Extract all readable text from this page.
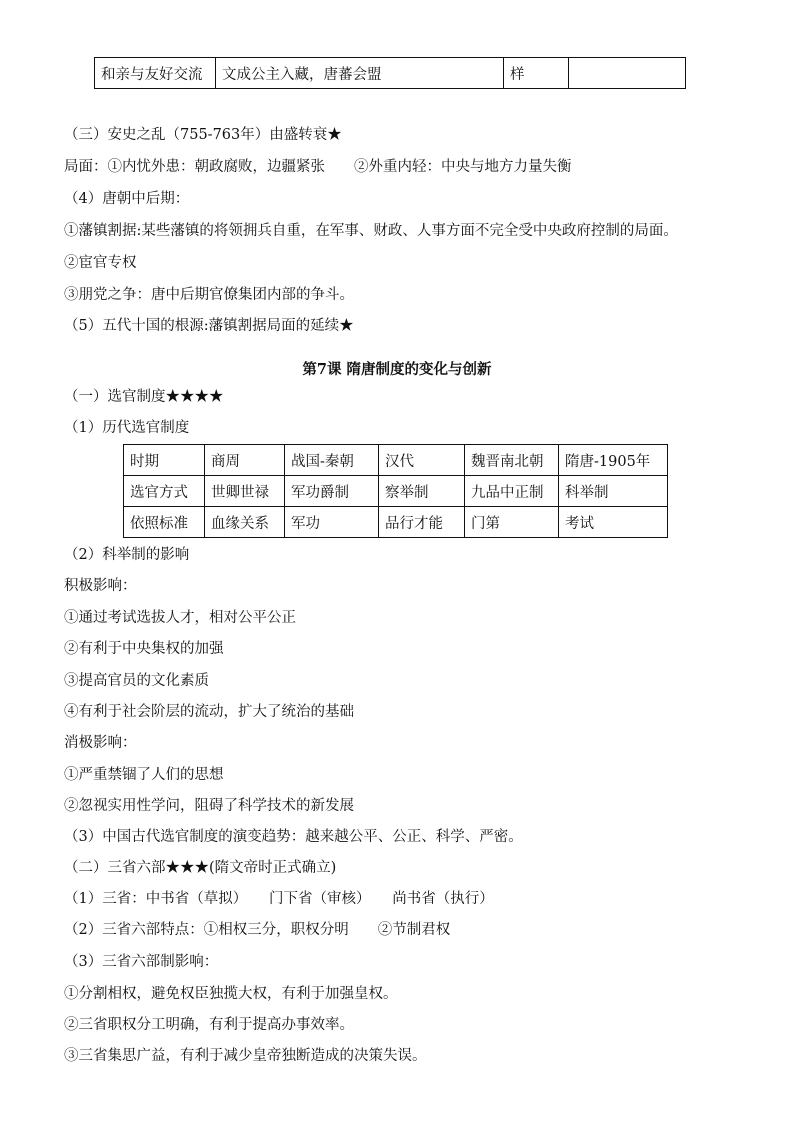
和亲与友好交流	文成公主入藏，唐蕃会盟	样	
（三）安史之乱（755-763年）由盛转衰★
局面：①内忧外患：朝政腐败，边疆紧张　　②外重内轻：中央与地方力量失衡
（4）唐朝中后期：
①藩镇割据:某些藩镇的将领拥兵自重，在军事、财政、人事方面不完全受中央政府控制的局面。
②宦官专权
③朋党之争：唐中后期官僚集团内部的争斗。
（5）五代十国的根源:藩镇割据局面的延续★
第7课 隋唐制度的变化与创新
（一）选官制度★★★★
（1）历代选官制度
时期	商周	战国-秦朝	汉代	魏晋南北朝	隋唐-1905年
选官方式	世卿世禄	军功爵制	察举制	九品中正制	科举制
依照标准	血缘关系	军功	品行才能	门第	考试
（2）科举制的影响
积极影响：
①通过考试选拔人才，相对公平公正
②有利于中央集权的加强
③提高官员的文化素质
④有利于社会阶层的流动，扩大了统治的基础
消极影响：
①严重禁锢了人们的思想
②忽视实用性学问，阻碍了科学技术的新发展
（3）中国古代选官制度的演变趋势：越来越公平、公正、科学、严密。
（二）三省六部★★★(隋文帝时正式确立)
（1）三省：中书省（草拟）　　门下省（审核）　　尚书省（执行）
（2）三省六部特点：①相权三分，职权分明　　②节制君权
（3）三省六部制影响：
①分割相权，避免权臣独揽大权，有利于加强皇权。
②三省职权分工明确，有利于提高办事效率。
③三省集思广益，有利于减少皇帝独断造成的决策失误。
